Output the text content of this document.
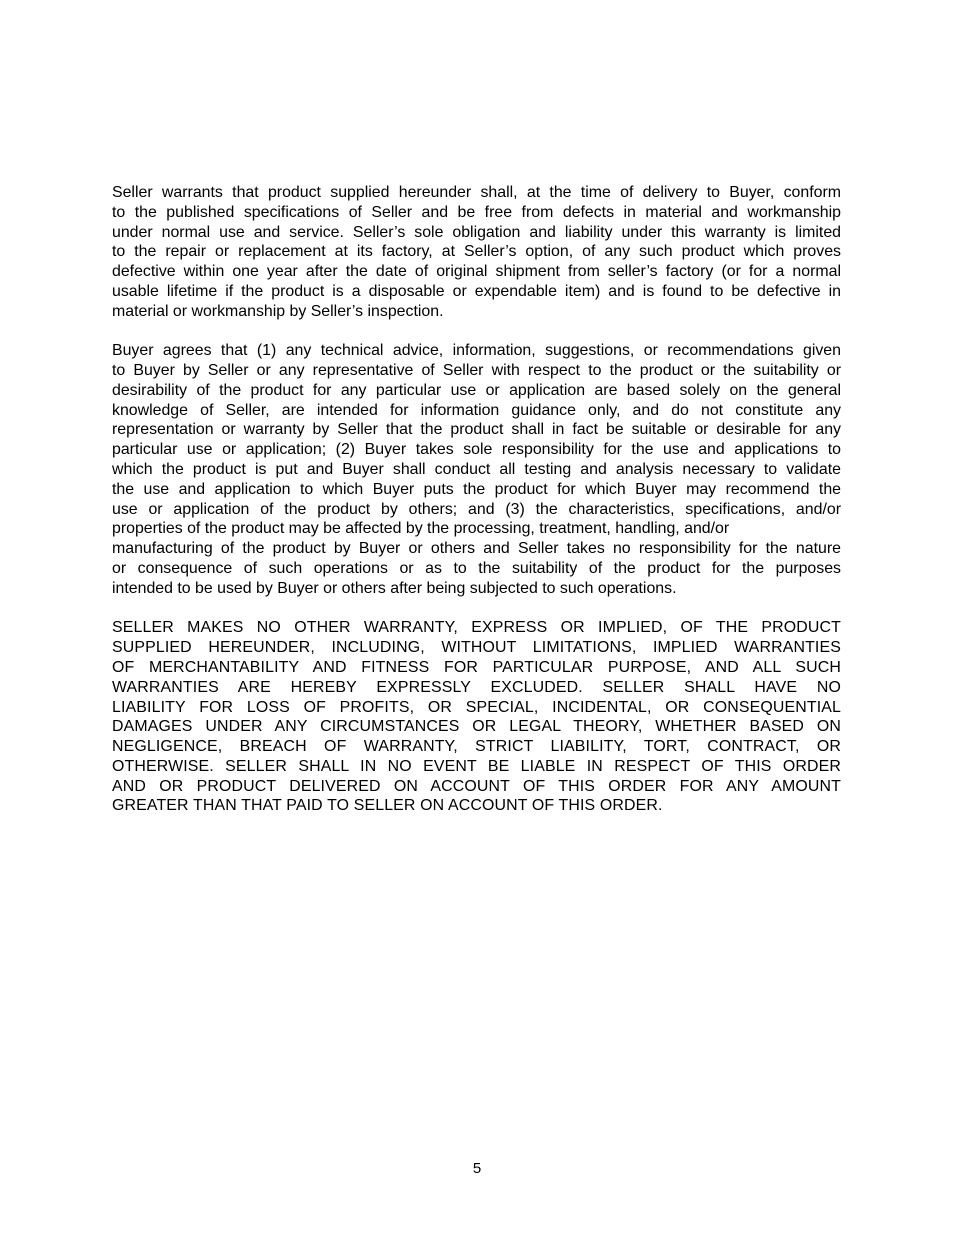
Seller warrants that product supplied hereunder shall, at the time of delivery to Buyer, conform
to the published specifications of Seller and be free from defects in material and workmanship
under normal use and service. Seller’s sole obligation and liability under this warranty is limited
to the repair or replacement at its factory, at Seller’s option, of any such product which proves
defective within one year after the date of original shipment from seller’s factory (or for a normal
usable lifetime if the product is a disposable or expendable item) and is found to be defective in
material or workmanship by Seller’s inspection.

Buyer agrees that (1) any technical advice, information, suggestions, or recommendations given
to Buyer by Seller or any representative of Seller with respect to the product or the suitability or
desirability of the product for any particular use or application are based solely on the general
knowledge of Seller, are intended for information guidance only, and do not constitute any
representation or warranty by Seller that the product shall in fact be suitable or desirable for any
particular use or application; (2) Buyer takes sole responsibility for the use and applications to
which the product is put and Buyer shall conduct all testing and analysis necessary to validate
the use and application to which Buyer puts the product for which Buyer may recommend the
use or application of the product by others; and (3) the characteristics, specifications, and/or
properties of the product may be affected by the processing, treatment, handling, and/or
manufacturing of the product by Buyer or others and Seller takes no responsibility for the nature
or consequence of such operations or as to the suitability of the product for the purposes
intended to be used by Buyer or others after being subjected to such operations.

SELLER MAKES NO OTHER WARRANTY, EXPRESS OR IMPLIED, OF THE PRODUCT
SUPPLIED HEREUNDER, INCLUDING, WITHOUT LIMITATIONS, IMPLIED WARRANTIES
OF MERCHANTABILITY AND FITNESS FOR PARTICULAR PURPOSE, AND ALL SUCH
WARRANTIES ARE HEREBY EXPRESSLY EXCLUDED. SELLER SHALL HAVE NO
LIABILITY FOR LOSS OF PROFITS, OR SPECIAL, INCIDENTAL, OR CONSEQUENTIAL
DAMAGES UNDER ANY CIRCUMSTANCES OR LEGAL THEORY, WHETHER BASED ON
NEGLIGENCE, BREACH OF WARRANTY, STRICT LIABILITY, TORT, CONTRACT, OR
OTHERWISE. SELLER SHALL IN NO EVENT BE LIABLE IN RESPECT OF THIS ORDER
AND OR PRODUCT DELIVERED ON ACCOUNT OF THIS ORDER FOR ANY AMOUNT
GREATER THAN THAT PAID TO SELLER ON ACCOUNT OF THIS ORDER.

5
